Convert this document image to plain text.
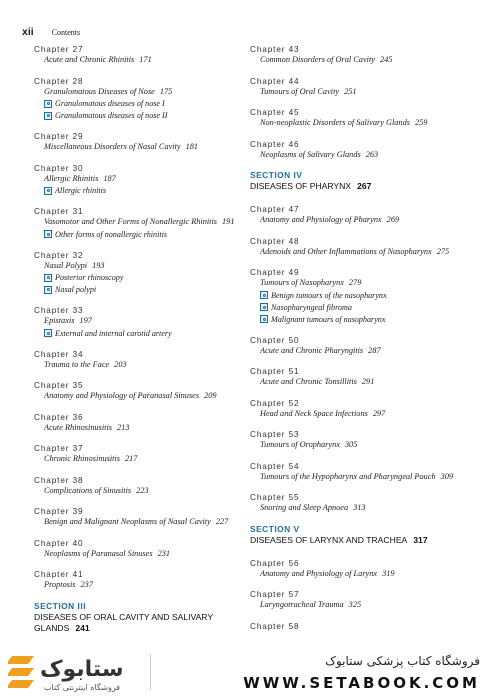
xii Contents
Chapter 27
Acute and Chronic Rhinitis 171
Chapter 28
Granulomatous Diseases of Nose 175
Granulomatous diseases of nose I
Granulomatous diseases of nose II
Chapter 29
Miscellaneous Disorders of Nasal Cavity 181
Chapter 30
Allergic Rhinitis 187
Allergic rhinitis
Chapter 31
Vasomotor and Other Forms of Nonallergic Rhinitis 191
Other forms of nonallergic rhinitis
Chapter 32
Nasal Polypi 193
Posterior rhinoscopy
Nasal polypi
Chapter 33
Epistaxis 197
External and internal carotid artery
Chapter 34
Trauma to the Face 203
Chapter 35
Anatomy and Physiology of Paranasal Sinuses 209
Chapter 36
Acute Rhinosinusitis 213
Chapter 37
Chronic Rhinosinusitis 217
Chapter 38
Complications of Sinusitis 223
Chapter 39
Benign and Malignant Neoplasms of Nasal Cavity 227
Chapter 40
Neoplasms of Paranasal Sinuses 231
Chapter 41
Proptosis 237
SECTION III
DISEASES OF ORAL CAVITY AND SALIVARY GLANDS 241
Chapter 43
Common Disorders of Oral Cavity 245
Chapter 44
Tumours of Oral Cavity 251
Chapter 45
Non-neoplastic Disorders of Salivary Glands 259
Chapter 46
Neoplasms of Salivary Glands 263
SECTION IV
DISEASES OF PHARYNX 267
Chapter 47
Anatomy and Physiology of Pharynx 269
Chapter 48
Adenoids and Other Inflammations of Nasopharynx 275
Chapter 49
Tumours of Nasopharynx 279
Benign tumours of the nasopharynx
Nasopharyngeal fibroma
Malignant tumours of nasopharynx
Chapter 50
Acute and Chronic Pharyngitis 287
Chapter 51
Acute and Chronic Tonsillitis 291
Chapter 52
Head and Neck Space Infections 297
Chapter 53
Tumours of Oropharynx 305
Chapter 54
Tumours of the Hypopharynx and Pharyngeal Pouch 309
Chapter 55
Snoring and Sleep Apnoea 313
SECTION V
DISEASES OF LARYNX AND TRACHEA 317
Chapter 56
Anatomy and Physiology of Larynx 319
Chapter 57
Laryngotracheal Trauma 325
Chapter 58
ستابوک
فروشگاه اینترنتی کتاب
فروشگاه کتاب پزشکی ستابوک
WWW.SETABOOK.COM
